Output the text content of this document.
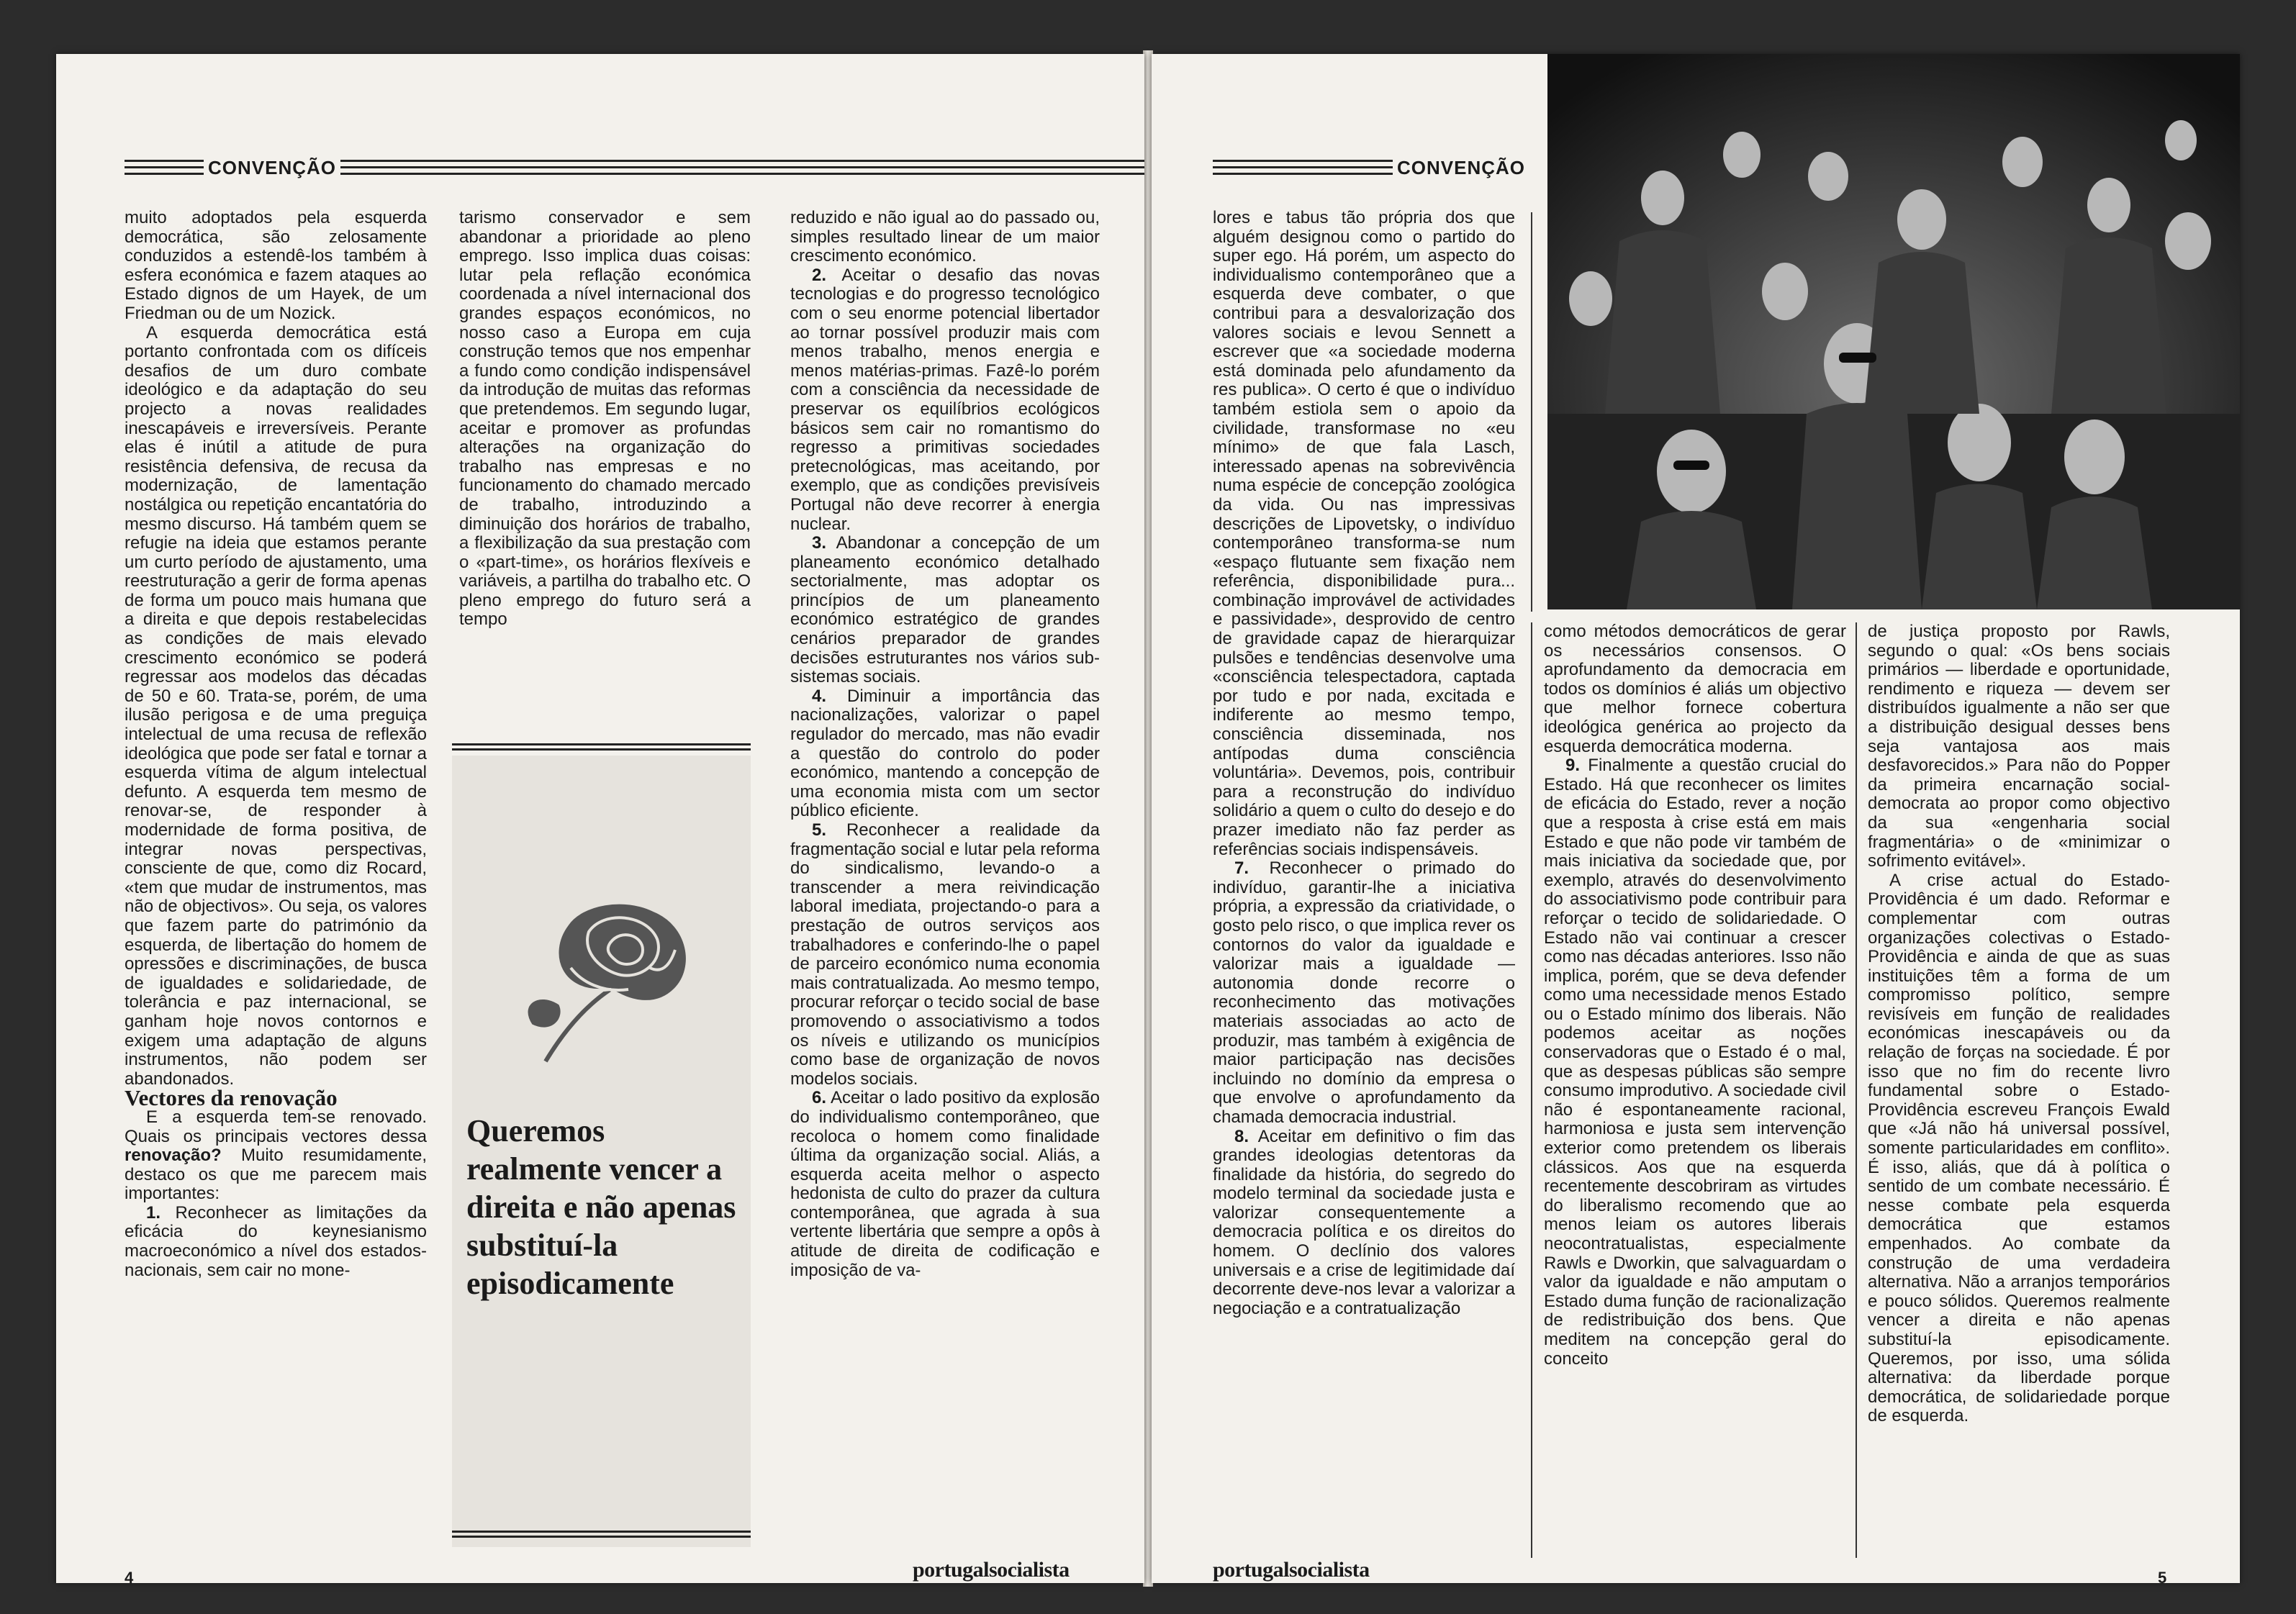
CONVENÇÃO

muito adoptados pela esquerda democrática, são zelosamente conduzidos a estendê-los também à esfera económica e fazem ataques ao Estado dignos de um Hayek, de um Friedman ou de um Nozick.

A esquerda democrática está portanto confrontada com os difíceis desafios de um duro combate ideológico e da adaptação do seu projecto a novas realidades inescapáveis e irreversíveis. Perante elas é inútil a atitude de pura resistência defensiva, de recusa da modernização, de lamentação nostálgica ou repetição encantatória do mesmo discurso. Há também quem se refugie na ideia que estamos perante um curto período de ajustamento, uma reestruturação a gerir de forma apenas de forma um pouco mais humana que a direita e que depois restabelecidas as condições de mais elevado crescimento económico se poderá regressar aos modelos das décadas de 50 e 60. Trata-se, porém, de uma ilusão perigosa e de uma preguiça intelectual de uma recusa de reflexão ideológica que pode ser fatal e tornar a esquerda vítima de algum intelectual defunto. A esquerda tem mesmo de renovar-se, de responder à modernidade de forma positiva, de integrar novas perspectivas, consciente de que, como diz Rocard, «tem que mudar de instrumentos, mas não de objectivos». Ou seja, os valores que fazem parte do património da esquerda, de libertação do homem de opressões e discriminações, de busca de igualdades e solidariedade, de tolerância e paz internacional, se ganham hoje novos contornos e exigem uma adaptação de alguns instrumentos, não podem ser abandonados.

Vectores da renovação

E a esquerda tem-se renovado. Quais os principais vectores dessa renovação? Muito resumidamente, destaco os que me parecem mais importantes:

1. Reconhecer as limitações da eficácia do keynesianismo macroeconómico a nível dos estados-nacionais, sem cair no mone-

tarismo conservador e sem abandonar a prioridade ao pleno emprego. Isso implica duas coisas: lutar pela reflação económica coordenada a nível internacional dos grandes espaços económicos, no nosso caso a Europa em cuja construção temos que nos empenhar a fundo como condição indispensável da introdução de muitas das reformas que pretendemos. Em segundo lugar, aceitar e promover as profundas alterações na organização do trabalho nas empresas e no funcionamento do chamado mercado de trabalho, introduzindo a diminuição dos horários de trabalho, a flexibilização da sua prestação com o «part-time», os horários flexíveis e variáveis, a partilha do trabalho etc. O pleno emprego do futuro será a tempo

Queremos realmente vencer a direita e não apenas substituí-la episodicamente

reduzido e não igual ao do passado ou, simples resultado linear de um maior crescimento económico.

2. Aceitar o desafio das novas tecnologias e do progresso tecnológico com o seu enorme potencial libertador ao tornar possível produzir mais com menos trabalho, menos energia e menos matérias-primas. Fazê-lo porém com a consciência da necessidade de preservar os equilíbrios ecológicos básicos sem cair no romantismo do regresso a primitivas sociedades pretecnológicas, mas aceitando, por exemplo, que as condições previsíveis Portugal não deve recorrer à energia nuclear.

3. Abandonar a concepção de um planeamento económico detalhado sectorialmente, mas adoptar os princípios de um planeamento económico estratégico de grandes cenários preparador de grandes decisões estruturantes nos vários sub-sistemas sociais.

4. Diminuir a importância das nacionalizações, valorizar o papel regulador do mercado, mas não evadir a questão do controlo do poder económico, mantendo a concepção de uma economia mista com um sector público eficiente.

5. Reconhecer a realidade da fragmentação social e lutar pela reforma do sindicalismo, levando-o a transcender a mera reivindicação laboral imediata, projectando-o para a prestação de outros serviços aos trabalhadores e conferindo-lhe o papel de parceiro económico numa economia mais contratualizada. Ao mesmo tempo, procurar reforçar o tecido social de base promovendo o associativismo a todos os níveis e utilizando os municípios como base de organização de novos modelos sociais.

6. Aceitar o lado positivo da explosão do individualismo contemporâneo, que recoloca o homem como finalidade última da organização social. Aliás, a esquerda aceita melhor o aspecto hedonista de culto do prazer da cultura contemporânea, que agrada à sua vertente libertária que sempre a opôs à atitude de direita de codificação e imposição de va-

4	portugalsocialista
CONVENÇÃO

lores e tabus tão própria dos que alguém designou como o partido do super ego. Há porém, um aspecto do individualismo contemporâneo que a esquerda deve combater, o que contribui para a desvalorização dos valores sociais e levou Sennett a escrever que «a sociedade moderna está dominada pelo afundamento da res publica». O certo é que o indivíduo também estiola sem o apoio da civilidade, transformase no «eu mínimo» de que fala Lasch, interessado apenas na sobrevivência numa espécie de concepção zoológica da vida. Ou nas impressivas descrições de Lipovetsky, o indivíduo contemporâneo transforma-se num «espaço flutuante sem fixação nem referência, disponibilidade pura... combinação improvável de actividades e passividade», desprovido de centro de gravidade capaz de hierarquizar pulsões e tendências desenvolve uma «consciência telespectadora, captada por tudo e por nada, excitada e indiferente ao mesmo tempo, consciência disseminada, nos antípodas duma consciência voluntária». Devemos, pois, contribuir para a reconstrução do indivíduo solidário a quem o culto do desejo e do prazer imediato não faz perder as referências sociais indispensáveis.

7. Reconhecer o primado do indivíduo, garantir-lhe a iniciativa própria, a expressão da criatividade, o gosto pelo risco, o que implica rever os contornos do valor da igualdade e valorizar mais a igualdade — autonomia donde recorre o reconhecimento das motivações materiais associadas ao acto de produzir, mas também à exigência de maior participação nas decisões incluindo no domínio da empresa o que envolve o aprofundamento da chamada democracia industrial.

8. Aceitar em definitivo o fim das grandes ideologias detentoras da finalidade da história, do segredo do modelo terminal da sociedade justa e valorizar consequentemente a democracia política e os direitos do homem. O declínio dos valores universais e a crise de legitimidade daí decorrente deve-nos levar a valorizar a negociação e a contratualização

como métodos democráticos de gerar os necessários consensos. O aprofundamento da democracia em todos os domínios é aliás um objectivo que melhor fornece cobertura ideológica genérica ao projecto da esquerda democrática moderna.

9. Finalmente a questão crucial do Estado. Há que reconhecer os limites de eficácia do Estado, rever a noção que a resposta à crise está em mais Estado e que não pode vir também de mais iniciativa da sociedade que, por exemplo, através do desenvolvimento do associativismo pode contribuir para reforçar o tecido de solidariedade. O Estado não vai continuar a crescer como nas décadas anteriores. Isso não implica, porém, que se deva defender como uma necessidade menos Estado ou o Estado mínimo dos liberais. Não podemos aceitar as noções conservadoras que o Estado é o mal, que as despesas públicas são sempre consumo improdutivo. A sociedade civil não é espontaneamente racional, harmoniosa e justa sem intervenção exterior como pretendem os liberais clássicos. Aos que na esquerda recentemente descobriram as virtudes do liberalismo recomendo que ao menos leiam os autores liberais neocontratualistas, especialmente Rawls e Dworkin, que salvaguardam o valor da igualdade e não amputam o Estado duma função de racionalização de redistribuição dos bens. Que meditem na concepção geral do conceito

de justiça proposto por Rawls, segundo o qual: «Os bens sociais primários — liberdade e oportunidade, rendimento e riqueza — devem ser distribuídos igualmente a não ser que a distribuição desigual desses bens seja vantajosa aos mais desfavorecidos.» Para não do Popper da primeira encarnação social-democrata ao propor como objectivo da sua «engenharia social fragmentária» o de «minimizar o sofrimento evitável».

A crise actual do Estado-Providência é um dado. Reformar e complementar com outras organizações colectivas o Estado-Providência e ainda de que as suas instituições têm a forma de um compromisso político, sempre revisíveis em função de realidades económicas inescapáveis ou da relação de forças na sociedade. É por isso que no fim do recente livro fundamental sobre o Estado-Providência escreveu François Ewald que «Já não há universal possível, somente particularidades em conflito». É isso, aliás, que dá à política o sentido de um combate necessário. É nesse combate pela esquerda democrática que estamos empenhados. Ao combate da construção de uma verdadeira alternativa. Não a arranjos temporários e pouco sólidos. Queremos realmente vencer a direita e não apenas substituí-la episodicamente. Queremos, por isso, uma sólida alternativa: da liberdade porque democrática, de solidariedade porque de esquerda.

portugalsocialista	5
